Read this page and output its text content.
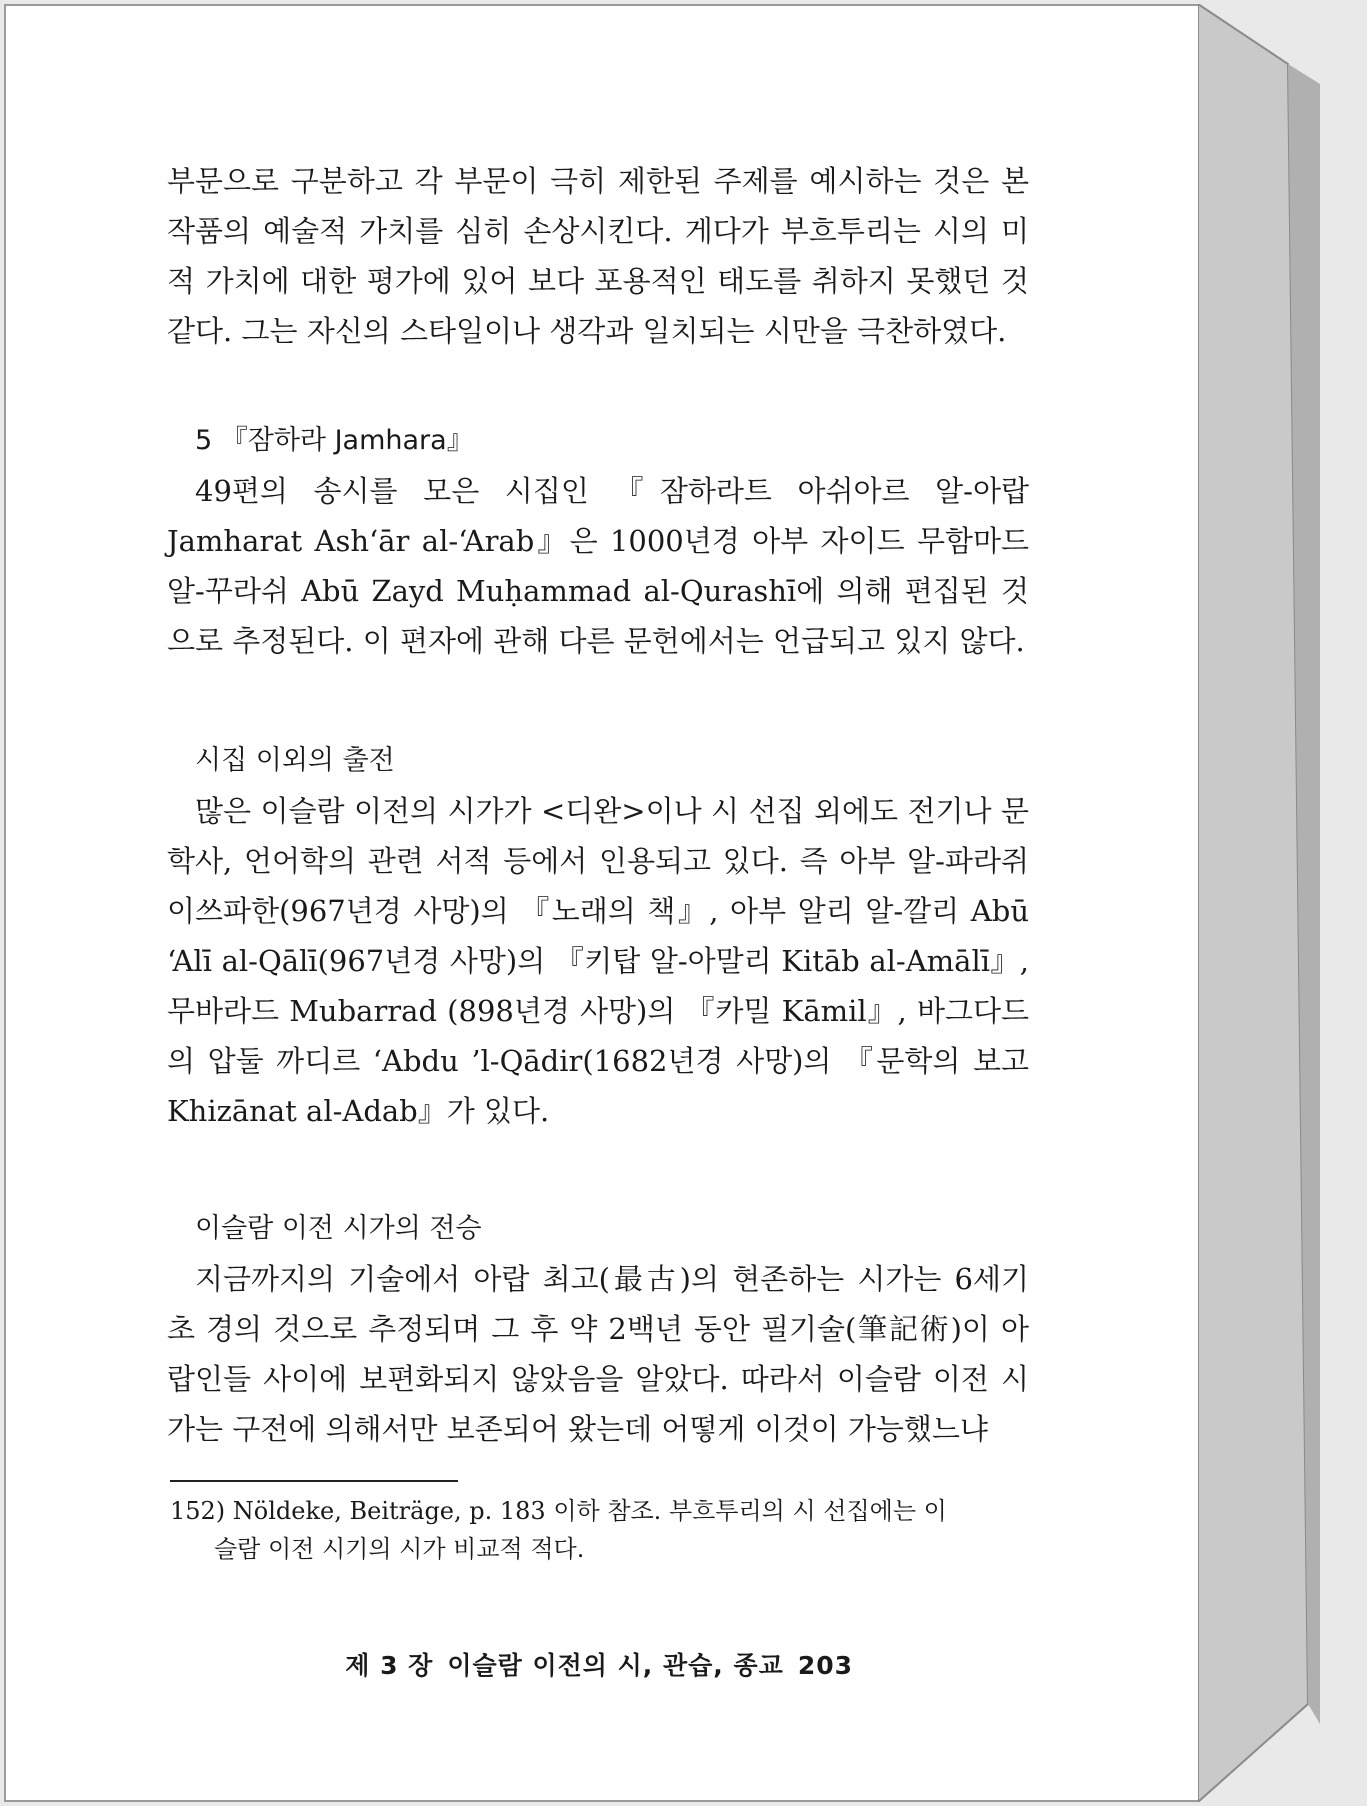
부문으로 구분하고 각 부문이 극히 제한된 주제를 예시하는 것은 본 작품의 예술적 가치를 심히 손상시킨다. 게다가 부흐투리는 시의 미적 가치에 대한 평가에 있어 보다 포용적인 태도를 취하지 못했던 것 같다. 그는 자신의 스타일이나 생각과 일치되는 시만을 극찬하였다.

5 『잠하라 Jamhara』

49편의 송시를 모은 시집인 『잠하라트 아쉬아르 알-아랍 Jamharat Ash‘ār al-‘Arab』은 1000년경 아부 자이드 무함마드 알-꾸라쉬 Abū Zayd Muḥammad al-Qurashī에 의해 편집된 것으로 추정된다. 이 편자에 관해 다른 문헌에서는 언급되고 있지 않다.

시집 이외의 출전

많은 이슬람 이전의 시가가 <디완>이나 시 선집 외에도 전기나 문학사, 언어학의 관련 서적 등에서 인용되고 있다. 즉 아부 알-파라쥐 이쓰파한(967년경 사망)의 『노래의 책』, 아부 알리 알-깔리 Abū ‘Alī al-Qālī(967년경 사망)의 『키탑 알-아말리 Kitāb al-Amālī』, 무바라드 Mubarrad (898년경 사망)의 『카밀 Kāmil』, 바그다드의 압둘 까디르 ‘Abdu ’l-Qādir(1682년경 사망)의 『문학의 보고 Khizānat al-Adab』가 있다.

이슬람 이전 시가의 전승

지금까지의 기술에서 아랍 최고(最古)의 현존하는 시가는 6세기 초 경의 것으로 추정되며 그 후 약 2백년 동안 필기술(筆記術)이 아랍인들 사이에 보편화되지 않았음을 알았다. 따라서 이슬람 이전 시가는 구전에 의해서만 보존되어 왔는데 어떻게 이것이 가능했느냐

152) Nöldeke, Beiträge, p. 183 이하 참조. 부흐투리의 시 선집에는 이
슬람 이전 시기의 시가 비교적 적다.
제 3 장 이슬람 이전의 시, 관습, 종교 203
